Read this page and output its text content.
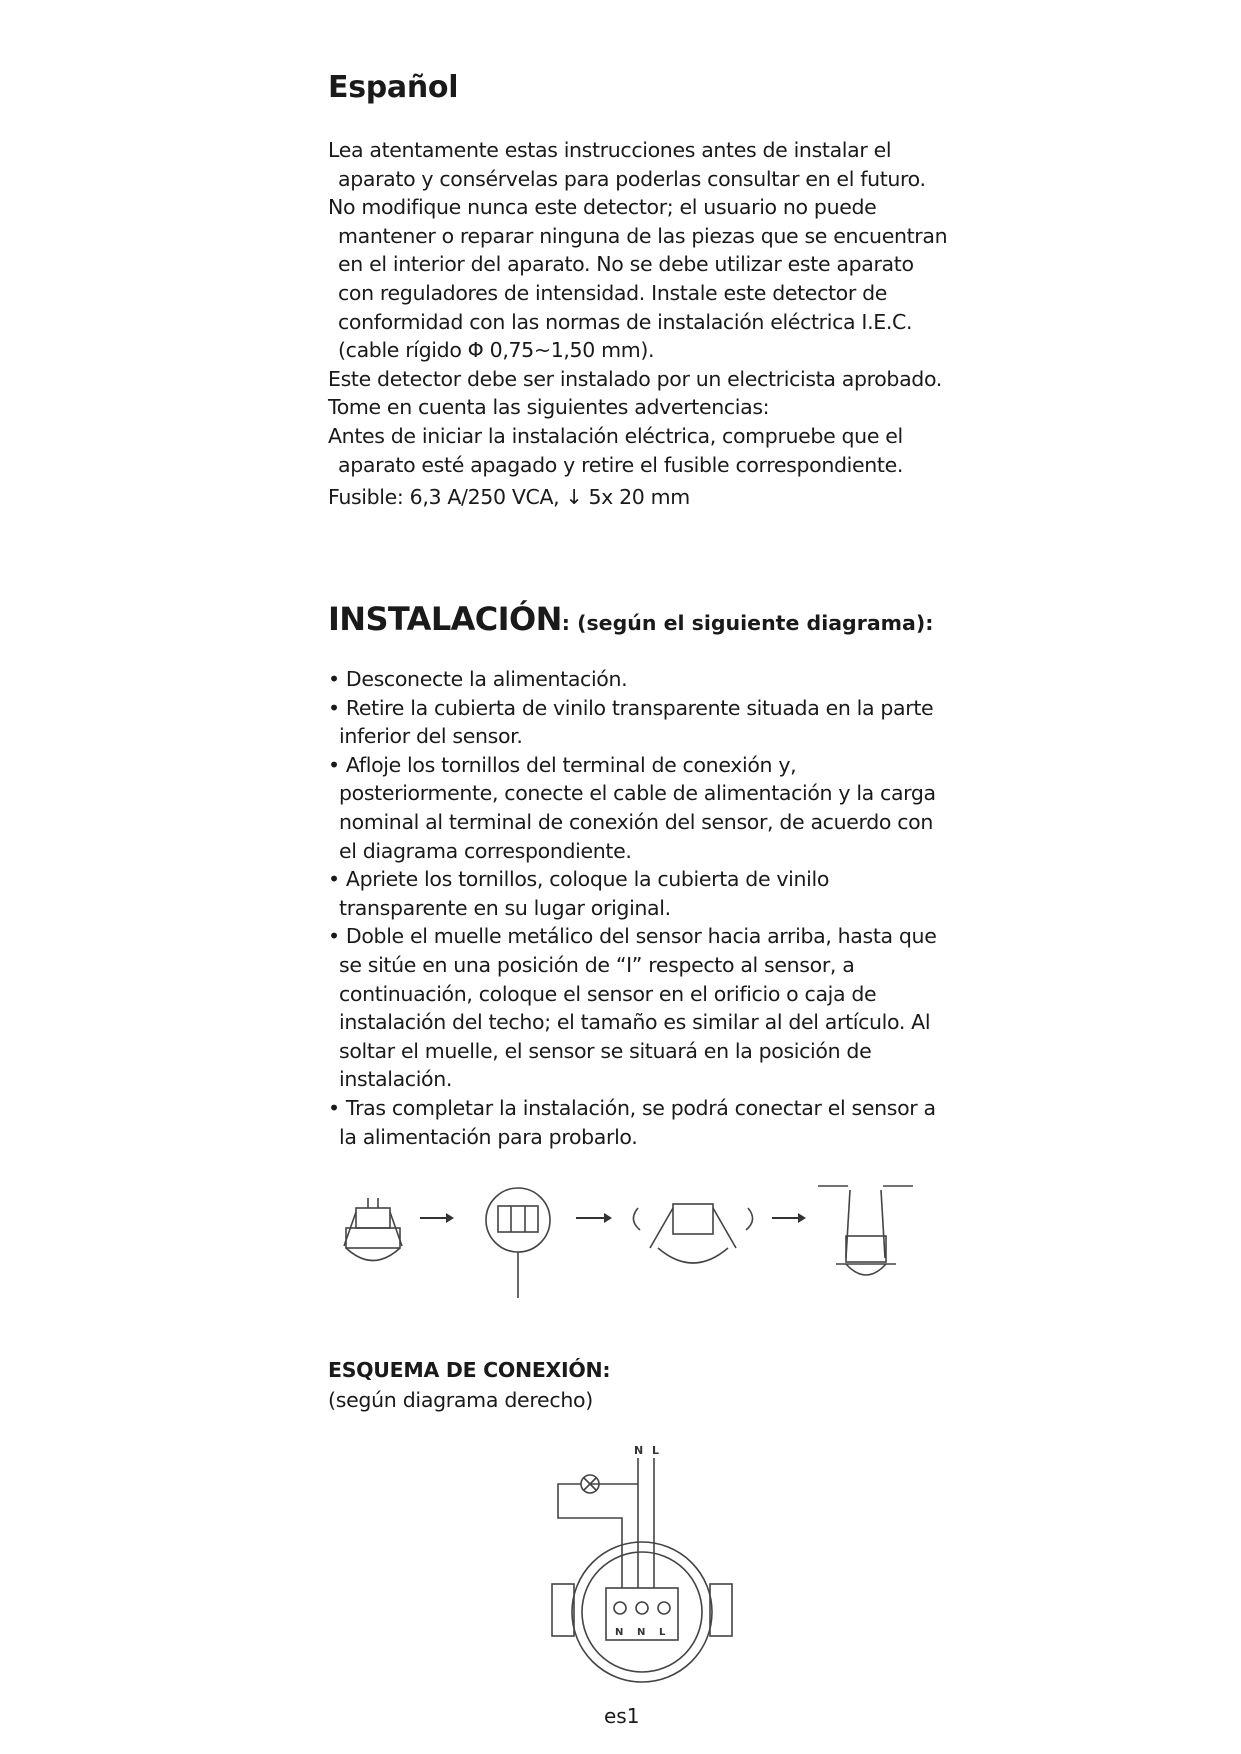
Español

Lea atentamente estas instrucciones antes de instalar el aparato y consérvelas para poderlas consultar en el futuro.

No modifique nunca este detector; el usuario no puede mantener o reparar ninguna de las piezas que se encuentran en el interior del aparato. No se debe utilizar este aparato con reguladores de intensidad. Instale este detector de conformidad con las normas de instalación eléctrica I.E.C. (cable rígido Φ 0,75~1,50 mm).

Este detector debe ser instalado por un electricista aprobado.

Tome en cuenta las siguientes advertencias:

Antes de iniciar la instalación eléctrica, compruebe que el aparato esté apagado y retire el fusible correspondiente.

Fusible: 6,3 A/250 VCA, ↓ 5x 20 mm

INSTALACIÓN: (según el siguiente diagrama):

• Desconecte la alimentación.

• Retire la cubierta de vinilo transparente situada en la parte inferior del sensor.

• Afloje los tornillos del terminal de conexión y, posteriormente, conecte el cable de alimentación y la carga nominal al terminal de conexión del sensor, de acuerdo con el diagrama correspondiente.

• Apriete los tornillos, coloque la cubierta de vinilo transparente en su lugar original.

• Doble el muelle metálico del sensor hacia arriba, hasta que se sitúe en una posición de “I” respecto al sensor, a continuación, coloque el sensor en el orificio o caja de instalación del techo; el tamaño es similar al del artículo. Al soltar el muelle, el sensor se situará en la posición de instalación.

• Tras completar la instalación, se podrá conectar el sensor a la alimentación para probarlo.

ESQUEMA DE CONEXIÓN:

(según diagrama derecho)

N L
N N L

es1
